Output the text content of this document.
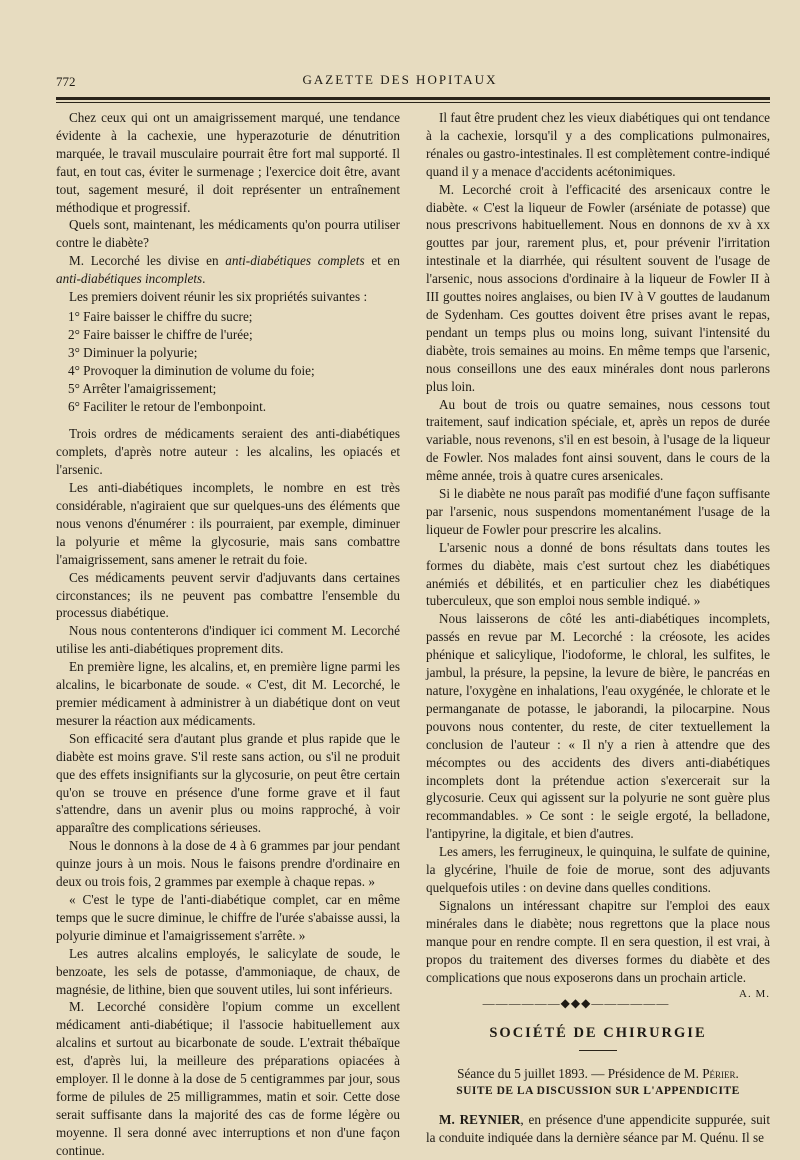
772	GAZETTE DES HOPITAUX

Chez ceux qui ont un amaigrissement marqué, une tendance évidente à la cachexie, une hyperazoturie de dénutrition marquée, le travail musculaire pourrait être fort mal supporté. Il faut, en tout cas, éviter le surmenage ; l'exercice doit être, avant tout, sagement mesuré, il doit représenter un entraînement méthodique et progressif.

Quels sont, maintenant, les médicaments qu'on pourra utiliser contre le diabète?

M. Lecorché les divise en anti-diabétiques complets et en anti-diabétiques incomplets.

Les premiers doivent réunir les six propriétés suivantes :

1° Faire baisser le chiffre du sucre;
2° Faire baisser le chiffre de l'urée;
3° Diminuer la polyurie;
4° Provoquer la diminution de volume du foie;
5° Arrêter l'amaigrissement;
6° Faciliter le retour de l'embonpoint.

Trois ordres de médicaments seraient des anti-diabétiques complets, d'après notre auteur : les alcalins, les opiacés et l'arsenic.

Les anti-diabétiques incomplets, le nombre en est très considérable, n'agiraient que sur quelques-uns des éléments que nous venons d'énumérer : ils pourraient, par exemple, diminuer la polyurie et même la glycosurie, mais sans combattre l'amaigrissement, sans amener le retrait du foie.

Ces médicaments peuvent servir d'adjuvants dans certaines circonstances; ils ne peuvent pas combattre l'ensemble du processus diabétique.

Nous nous contenterons d'indiquer ici comment M. Lecorché utilise les anti-diabétiques proprement dits.

En première ligne, les alcalins, et, en première ligne parmi les alcalins, le bicarbonate de soude. « C'est, dit M. Lecorché, le premier médicament à administrer à un diabétique dont on veut mesurer la réaction aux médicaments.

Son efficacité sera d'autant plus grande et plus rapide que le diabète est moins grave. S'il reste sans action, ou s'il ne produit que des effets insignifiants sur la glycosurie, on peut être certain qu'on se trouve en présence d'une forme grave et il faut s'attendre, dans un avenir plus ou moins rapproché, à voir apparaître des complications sérieuses.

Nous le donnons à la dose de 4 à 6 grammes par jour pendant quinze jours à un mois. Nous le faisons prendre d'ordinaire en deux ou trois fois, 2 grammes par exemple à chaque repas. »

« C'est le type de l'anti-diabétique complet, car en même temps que le sucre diminue, le chiffre de l'urée s'abaisse aussi, la polyurie diminue et l'amaigrissement s'arrête. »

Les autres alcalins employés, le salicylate de soude, le benzoate, les sels de potasse, d'ammoniaque, de chaux, de magnésie, de lithine, bien que souvent utiles, lui sont inférieurs.

M. Lecorché considère l'opium comme un excellent médicament anti-diabétique; il l'associe habituellement aux alcalins et surtout au bicarbonate de soude. L'extrait thébaïque est, d'après lui, la meilleure des préparations opiacées à employer. Il le donne à la dose de 5 centigrammes par jour, sous forme de pilules de 25 milligrammes, matin et soir. Cette dose serait suffisante dans la majorité des cas de forme légère ou moyenne. Il sera donné avec interruptions et non d'une façon continue.

Il faut être prudent chez les vieux diabétiques qui ont tendance à la cachexie, lorsqu'il y a des complications pulmonaires, rénales ou gastro-intestinales. Il est complètement contre-indiqué quand il y a menace d'accidents acétonimiques.

M. Lecorché croit à l'efficacité des arsenicaux contre le diabète. « C'est la liqueur de Fowler (arséniate de potasse) que nous prescrivons habituellement. Nous en donnons de xv à xx gouttes par jour, rarement plus, et, pour prévenir l'irritation intestinale et la diarrhée, qui résultent souvent de l'usage de l'arsenic, nous associons d'ordinaire à la liqueur de Fowler II à III gouttes noires anglaises, ou bien IV à V gouttes de laudanum de Sydenham. Ces gouttes doivent être prises avant le repas, pendant un temps plus ou moins long, suivant l'intensité du diabète, trois semaines au moins. En même temps que l'arsenic, nous conseillons une des eaux minérales dont nous parlerons plus loin.

Au bout de trois ou quatre semaines, nous cessons tout traitement, sauf indication spéciale, et, après un repos de durée variable, nous revenons, s'il en est besoin, à l'usage de la liqueur de Fowler. Nos malades font ainsi souvent, dans le cours de la même année, trois à quatre cures arsenicales.

Si le diabète ne nous paraît pas modifié d'une façon suffisante par l'arsenic, nous suspendons momentanément l'usage de la liqueur de Fowler pour prescrire les alcalins.

L'arsenic nous a donné de bons résultats dans toutes les formes du diabète, mais c'est surtout chez les diabétiques anémiés et débilités, et en particulier chez les diabétiques tuberculeux, que son emploi nous semble indiqué. »

Nous laisserons de côté les anti-diabétiques incomplets, passés en revue par M. Lecorché : la créosote, les acides phénique et salicylique, l'iodoforme, le chloral, les sulfites, le jambul, la présure, la pepsine, la levure de bière, le pancréas en nature, l'oxygène en inhalations, l'eau oxygénée, le chlorate et le permanganate de potasse, le jaborandi, la pilocarpine. Nous pouvons nous contenter, du reste, de citer textuellement la conclusion de l'auteur : « Il n'y a rien à attendre que des mécomptes ou des accidents des divers anti-diabétiques incomplets dont la prétendue action s'exercerait sur la glycosurie. Ceux qui agissent sur la polyurie ne sont guère plus recommandables. » Ce sont : le seigle ergoté, la belladone, l'antipyrine, la digitale, et bien d'autres.

Les amers, les ferrugineux, le quinquina, le sulfate de quinine, la glycérine, l'huile de foie de morue, sont des adjuvants quelquefois utiles : on devine dans quelles conditions.

Signalons un intéressant chapitre sur l'emploi des eaux minérales dans le diabète; nous regrettons que la place nous manque pour en rendre compte. Il en sera question, il est vrai, à propos du traitement des diverses formes du diabète et des complications que nous exposerons dans un prochain article.
A. M.

——————◆◆◆——————
SOCIÉTÉ DE CHIRURGIE

Séance du 5 juillet 1893. — Présidence de M. Périer.

SUITE DE LA DISCUSSION SUR L'APPENDICITE

M. REYNIER, en présence d'une appendicite suppurée, suit la conduite indiquée dans la dernière séance par M. Quénu. Il se
